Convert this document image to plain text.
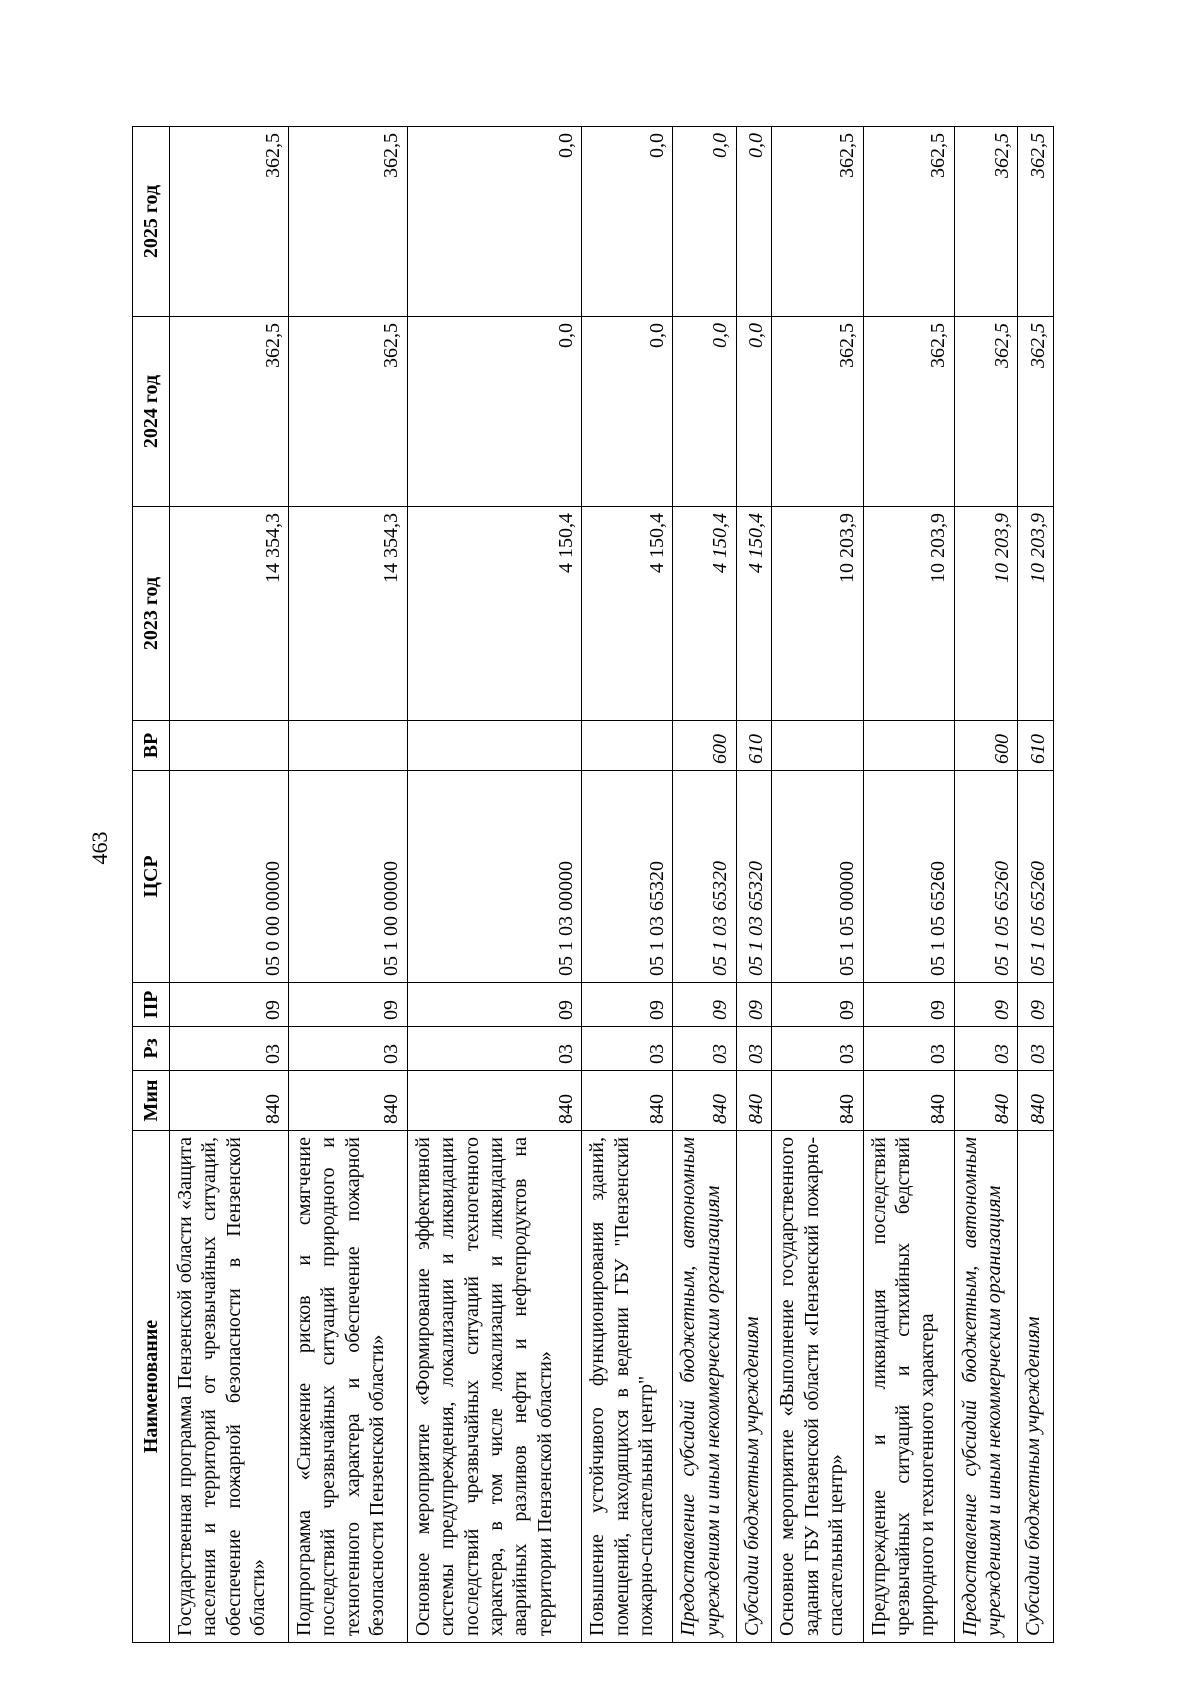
463
Наименование	Мин	Рз	ПР	ЦСР	ВР	2023 год	2024 год	2025 год
Государственная программа Пензенской области «Защита населения и территорий от чрезвычайных ситуаций, обеспечение пожарной безопасности в Пензенской области»	840	03	09	05 0 00 00000		14 354,3	362,5	362,5
Подпрограмма «Снижение рисков и смягчение последствий чрезвычайных ситуаций природного и техногенного характера и обеспечение пожарной безопасности Пензенской области»	840	03	09	05 1 00 00000		14 354,3	362,5	362,5
Основное мероприятие «Формирование эффективной системы предупреждения, локализации и ликвидации последствий чрезвычайных ситуаций техногенного характера, в том числе локализации и ликвидации аварийных разливов нефти и нефтепродуктов на территории Пензенской области»	840	03	09	05 1 03 00000		4 150,4	0,0	0,0
Повышение устойчивого функционирования зданий, помещений, находящихся в ведении ГБУ "Пензенский пожарно-спасательный центр"	840	03	09	05 1 03 65320		4 150,4	0,0	0,0
Предоставление субсидий бюджетным, автономным учреждениям и иным некоммерческим организациям	840	03	09	05 1 03 65320	600	4 150,4	0,0	0,0
Субсидии бюджетным учреждениям	840	03	09	05 1 03 65320	610	4 150,4	0,0	0,0
Основное мероприятие «Выполнение государственного задания ГБУ Пензенской области «Пензенский пожарно-спасательный центр»	840	03	09	05 1 05 00000		10 203,9	362,5	362,5
Предупреждение и ликвидация последствий чрезвычайных ситуаций и стихийных бедствий природного и техногенного характера	840	03	09	05 1 05 65260		10 203,9	362,5	362,5
Предоставление субсидий бюджетным, автономным учреждениям и иным некоммерческим организациям	840	03	09	05 1 05 65260	600	10 203,9	362,5	362,5
Субсидии бюджетным учреждениям	840	03	09	05 1 05 65260	610	10 203,9	362,5	362,5
